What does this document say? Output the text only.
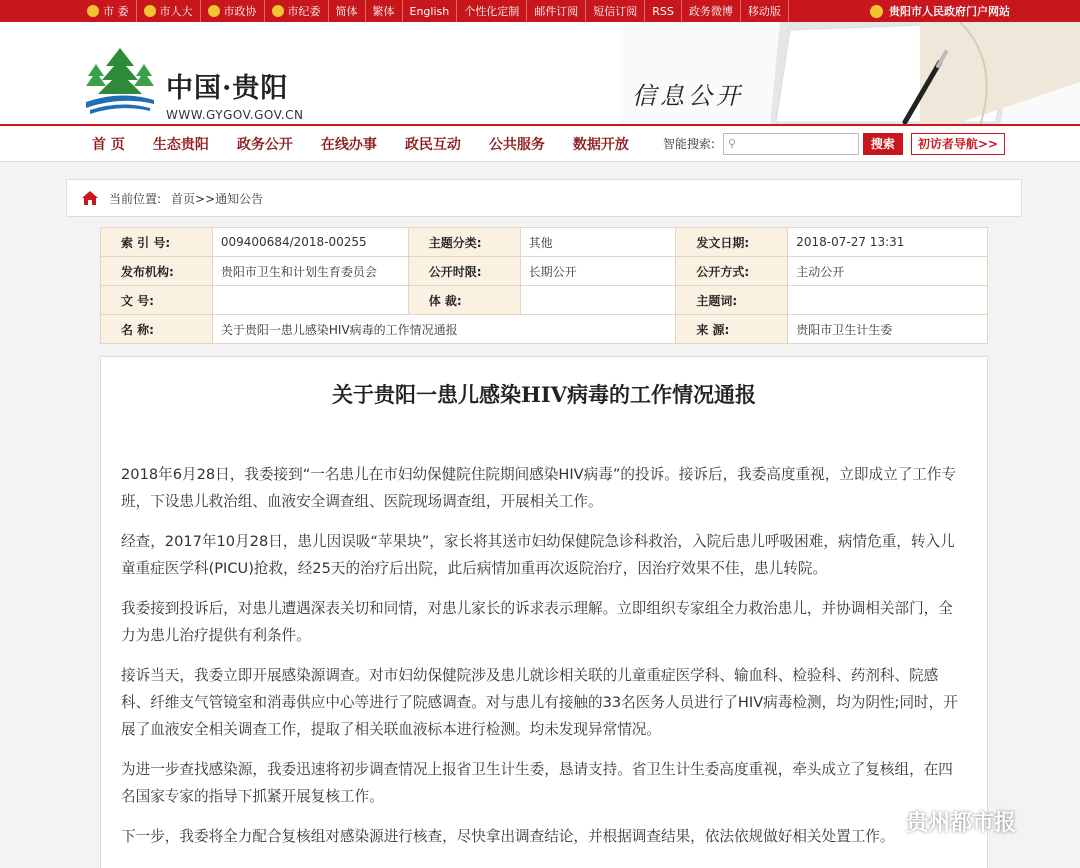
市 委	市人大	市政协	市纪委	简体	繁体	English	个性化定制	邮件订阅	短信订阅	RSS	政务微博	移动版	贵阳市人民政府门户网站
中国·贵阳
WWW.GYGOV.GOV.CN
信息公开
首 页 生态贵阳 政务公开 在线办事 政民互动 公共服务 数据开放	智能搜索: ⚲	搜索	初访者导航>>
当前位置: 首页>>通知公告
索 引 号:	009400684/2018-00255	主题分类:	其他	发文日期:	2018-07-27 13:31
发布机构:	贵阳市卫生和计划生育委员会	公开时限:	长期公开	公开方式:	主动公开
文 号:		体 裁:		主题词:	
名 称:	关于贵阳一患儿感染HIV病毒的工作情况通报			来 源:	贵阳市卫生计生委
关于贵阳一患儿感染HIV病毒的工作情况通报

2018年6月28日，我委接到“一名患儿在市妇幼保健院住院期间感染HIV病毒”的投诉。接诉后，我委高度重视，立即成立了工作专班，下设患儿救治组、血液安全调查组、医院现场调查组，开展相关工作。

经查，2017年10月28日，患儿因误吸“苹果块”，家长将其送市妇幼保健院急诊科救治，入院后患儿呼吸困难，病情危重，转入儿童重症医学科(PICU)抢救，经25天的治疗后出院，此后病情加重再次返院治疗，因治疗效果不佳，患儿转院。

我委接到投诉后，对患儿遭遇深表关切和同情，对患儿家长的诉求表示理解。立即组织专家组全力救治患儿，并协调相关部门，全力为患儿治疗提供有利条件。

接诉当天，我委立即开展感染源调查。对市妇幼保健院涉及患儿就诊相关联的儿童重症医学科、输血科、检验科、药剂科、院感科、纤维支气管镜室和消毒供应中心等进行了院感调查。对与患儿有接触的33名医务人员进行了HIV病毒检测，均为阴性;同时，开展了血液安全相关调查工作，提取了相关联血液标本进行检测。均未发现异常情况。

为进一步查找感染源，我委迅速将初步调查情况上报省卫生计生委，恳请支持。省卫生计生委高度重视，牵头成立了复核组，在四名国家专家的指导下抓紧开展复核工作。

下一步，我委将全力配合复核组对感染源进行核查，尽快拿出调查结论，并根据调查结果，依法依规做好相关处置工作。

贵州都市报
